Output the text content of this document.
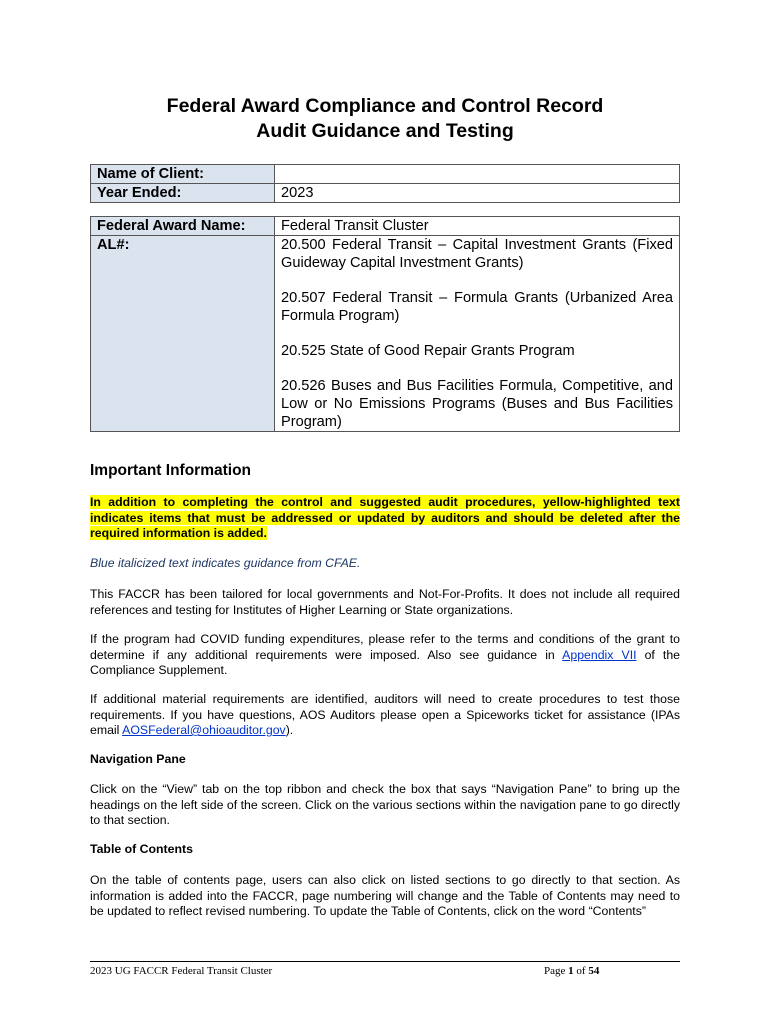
Federal Award Compliance and Control Record
Audit Guidance and Testing
Name of Client:	
Year Ended:	2023
Federal Award Name:	Federal Transit Cluster
AL#:	20.500 Federal Transit – Capital Investment Grants (Fixed Guideway Capital Investment Grants)

20.507 Federal Transit – Formula Grants (Urbanized Area Formula Program)

20.525 State of Good Repair Grants Program

20.526 Buses and Bus Facilities Formula, Competitive, and Low or No Emissions Programs (Buses and Bus Facilities Program)

Important Information

In addition to completing the control and suggested audit procedures, yellow-highlighted text indicates items that must be addressed or updated by auditors and should be deleted after the required information is added.

Blue italicized text indicates guidance from CFAE.

This FACCR has been tailored for local governments and Not-For-Profits. It does not include all required references and testing for Institutes of Higher Learning or State organizations.

If the program had COVID funding expenditures, please refer to the terms and conditions of the grant to determine if any additional requirements were imposed. Also see guidance in Appendix VII of the Compliance Supplement.

If additional material requirements are identified, auditors will need to create procedures to test those requirements. If you have questions, AOS Auditors please open a Spiceworks ticket for assistance (IPAs email AOSFederal@ohioauditor.gov).

Navigation Pane

Click on the “View” tab on the top ribbon and check the box that says “Navigation Pane” to bring up the headings on the left side of the screen. Click on the various sections within the navigation pane to go directly to that section.

Table of Contents

On the table of contents page, users can also click on listed sections to go directly to that section. As information is added into the FACCR, page numbering will change and the Table of Contents may need to be updated to reflect revised numbering. To update the Table of Contents, click on the word “Contents”

2023 UG FACCR Federal Transit Cluster	Page 1 of 54
